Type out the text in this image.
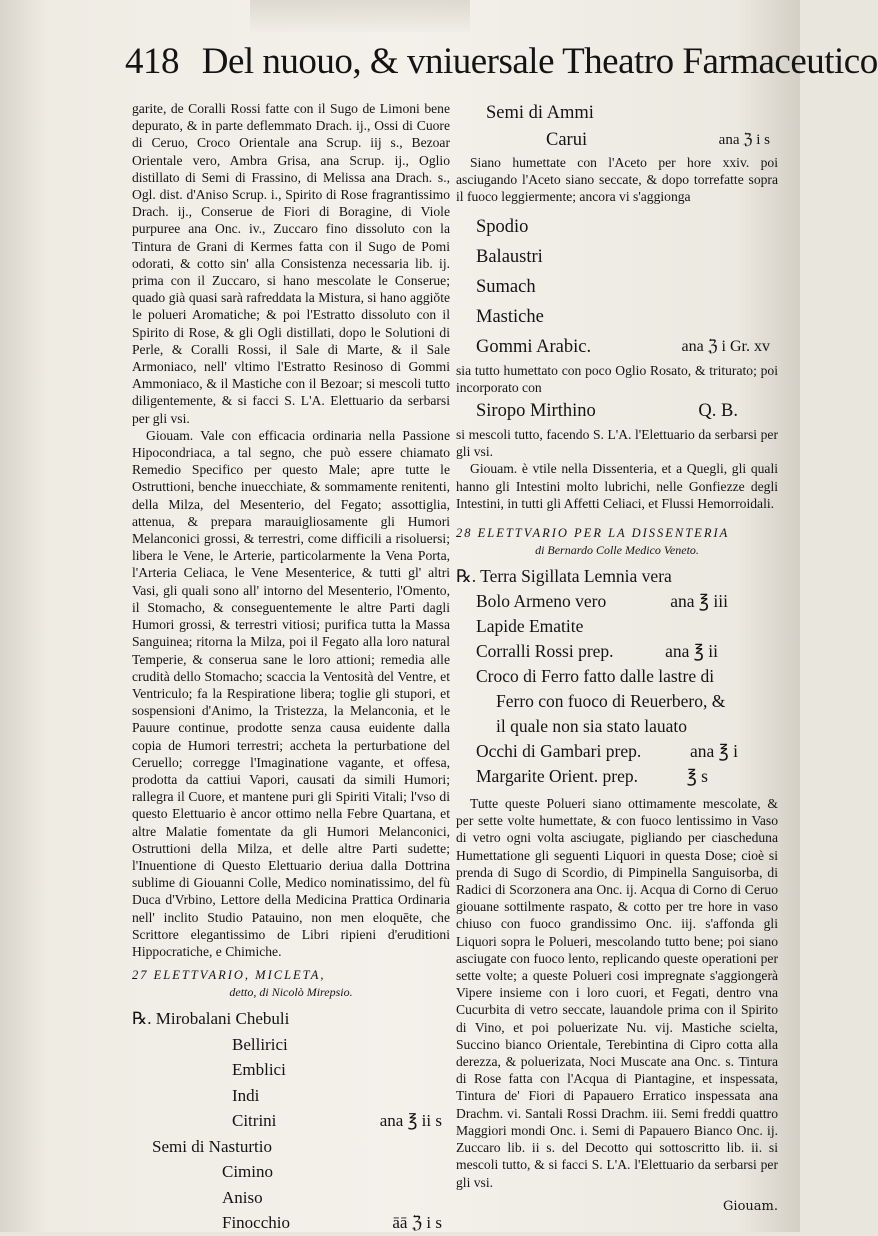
418 Del nuouo, & vniuersale Theatro Farmaceutico

garite, de Coralli Rossi fatte con il Sugo de Limoni bene depurato, & in parte deflemmato Drach. ij., Ossi di Cuore di Ceruo, Croco Orientale ana Scrup. iij s., Bezoar Orientale vero, Ambra Grisa, ana Scrup. ij., Oglio distillato di Semi di Frassino, di Melissa ana Drach. s., Ogl. dist. d'Aniso Scrup. i., Spirito di Rose fragrantissimo Drach. ij., Conserue de Fiori di Boragine, di Viole purpuree ana Onc. iv., Zuccaro fino dissoluto con la Tintura de Grani di Kermes fatta con il Sugo de Pomi odorati, & cotto sin' alla Consistenza necessaria lib. ij. prima con il Zuccaro, si hano mescolate le Conserue; quado già quasi sarà rafreddata la Mistura, si hano aggiŏte le polueri Aromatiche; & poi l'Estratto dissoluto con il Spirito di Rose, & gli Ogli distillati, dopo le Solutioni di Perle, & Coralli Rossi, il Sale di Marte, & il Sale Armoniaco, nell' vltimo l'Estratto Resinoso di Gommi Ammoniaco, & il Mastiche con il Bezoar; si mescoli tutto diligentemente, & si facci S. L'A. Elettuario da serbarsi per gli vsi.

Giouam. Vale con efficacia ordinaria nella Passione Hipocondriaca, a tal segno, che può essere chiamato Remedio Specifico per questo Male; apre tutte le Ostruttioni, benche inuecchiate, & sommamente renitenti, della Milza, del Mesenterio, del Fegato; assottiglia, attenua, & prepara marauigliosamente gli Humori Melanconici grossi, & terrestri, come difficili a risoluersi; libera le Vene, le Arterie, particolarmente la Vena Porta, l'Arteria Celiaca, le Vene Mesenterice, & tutti gl' altri Vasi, gli quali sono all' intorno del Mesenterio, l'Omento, il Stomacho, & conseguentemente le altre Parti dagli Humori grossi, & terrestri vitiosi; purifica tutta la Massa Sanguinea; ritorna la Milza, poi il Fegato alla loro natural Temperie, & conserua sane le loro attioni; remedia alle crudità dello Stomacho; scaccia la Ventosità del Ventre, et Ventriculo; fa la Respiratione libera; toglie gli stupori, et sospensioni d'Animo, la Tristezza, la Melanconia, et le Pauure continue, prodotte senza causa euidente dalla copia de Humori terrestri; accheta la perturbatione del Ceruello; corregge l'Imaginatione vagante, et offesa, prodotta da cattiui Vapori, causati da simili Humori; rallegra il Cuore, et mantene puri gli Spiriti Vitali; l'vso di questo Elettuario è ancor ottimo nella Febre Quartana, et altre Malatie fomentate da gli Humori Melanconici, Ostruttioni della Milza, et delle altre Parti sudette; l'Inuentione di Questo Elettuario deriua dalla Dottrina sublime di Giouanni Colle, Medico nominatissimo, del fù Duca d'Vrbino, Lettore della Medicina Prattica Ordinaria nell' inclito Studio Patauino, non men eloquēte, che Scrittore elegantissimo de Libri ripieni d'eruditioni Hippocratiche, e Chimiche.

27 ELETTVARIO, MICLETA,
detto, di Nicolò Mirepsio.
℞. Mirobalani Chebuli
Bellirici
Emblici
Indi
Citrini	ana ℥ ii s
Semi di Nasturtio
Cimino
Aniso
Finocchio	āā ℨ i s
Semi di Ammi
Carui	ana ℨ i s

Siano humettate con l'Aceto per hore xxiv. poi asciugando l'Aceto siano seccate, & dopo torrefatte sopra il fuoco leggiermente; ancora vi s'aggionga

Spodio
Balaustri
Sumach
Mastiche
Gommi Arabic.	ana ℨ i Gr. xv

sia tutto humettato con poco Oglio Rosato, & triturato; poi incorporato con

Siropo Mirthino	Q. B.

si mescoli tutto, facendo S. L'A. l'Elettuario da serbarsi per gli vsi.

Giouam. è vtile nella Dissenteria, et a Quegli, gli quali hanno gli Intestini molto lubrichi, nelle Gonfiezze degli Intestini, in tutti gli Affetti Celiaci, et Flussi Hemorroidali.

28 ELETTVARIO PER LA DISSENTERIA
di Bernardo Colle Medico Veneto.
℞. Terra Sigillata Lemnia vera
Bolo Armeno vero	ana ℥ iii
Lapide Ematite
Corralli Rossi prep.	ana ℥ ii
Croco di Ferro fatto dalle lastre di
Ferro con fuoco di Reuerbero, &
il quale non sia stato lauato
Occhi di Gambari prep.	ana ℥ i
Margarite Orient. prep.	℥ s

Tutte queste Polueri siano ottimamente mescolate, & per sette volte humettate, & con fuoco lentissimo in Vaso di vetro ogni volta asciugate, pigliando per ciascheduna Humettatione gli seguenti Liquori in questa Dose; cioè si prenda di Sugo di Scordio, di Pimpinella Sanguisorba, di Radici di Scorzonera ana Onc. ij. Acqua di Corno di Ceruo giouane sottilmente raspato, & cotto per tre hore in vaso chiuso con fuoco grandissimo Onc. iij. s'affonda gli Liquori sopra le Polueri, mescolando tutto bene; poi siano asciugate con fuoco lento, replicando queste operationi per sette volte; a queste Polueri cosi impregnate s'aggiongerà Vipere insieme con i loro cuori, et Fegati, dentro vna Cucurbita di vetro seccate, lauandole prima con il Spirito di Vino, et poi poluerizate Nu. vij. Mastiche scielta, Succino bianco Orientale, Terebintina di Cipro cotta alla derezza, & poluerizata, Noci Muscate ana Onc. s. Tintura di Rose fatta con l'Acqua di Piantagine, et inspessata, Tintura de' Fiori di Papauero Erratico inspessata ana Drachm. vi. Santali Rossi Drachm. iii. Semi freddi quattro Maggiori mondi Onc. i. Semi di Papauero Bianco Onc. ij. Zuccaro lib. ii s. del Decotto qui sottoscritto lib. ii. si mescoli tutto, & si facci S. L'A. l'Elettuario da serbarsi per gli vsi.

Giouam.
